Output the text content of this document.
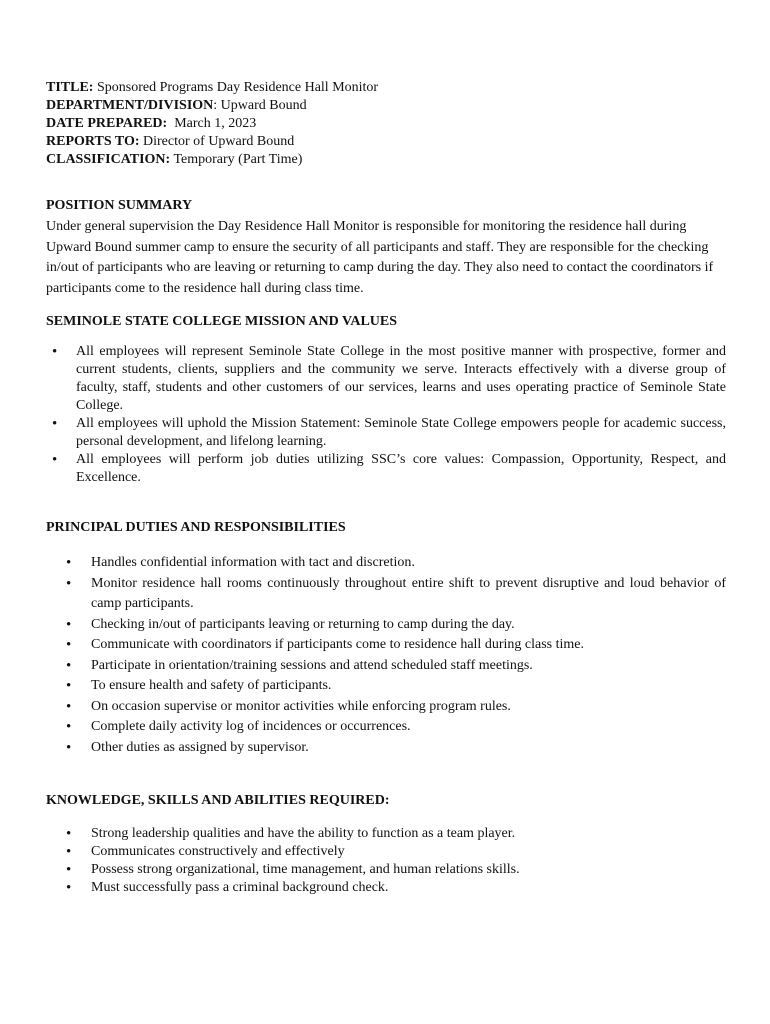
TITLE: Sponsored Programs Day Residence Hall Monitor

DEPARTMENT/DIVISION: Upward Bound

DATE PREPARED:  March 1, 2023

REPORTS TO: Director of Upward Bound

CLASSIFICATION: Temporary (Part Time)

POSITION SUMMARY

Under general supervision the Day Residence Hall Monitor is responsible for monitoring the residence hall during Upward Bound summer camp to ensure the security of all participants and staff. They are responsible for the checking in/out of participants who are leaving or returning to camp during the day. They also need to contact the coordinators if participants come to the residence hall during class time.

SEMINOLE STATE COLLEGE MISSION AND VALUES

• All employees will represent Seminole State College in the most positive manner with prospective, former and current students, clients, suppliers and the community we serve. Interacts effectively with a diverse group of faculty, staff, students and other customers of our services, learns and uses operating practice of Seminole State College.
• All employees will uphold the Mission Statement: Seminole State College empowers people for academic success, personal development, and lifelong learning.
• All employees will perform job duties utilizing SSC’s core values: Compassion, Opportunity, Respect, and Excellence.

PRINCIPAL DUTIES AND RESPONSIBILITIES

• Handles confidential information with tact and discretion.
• Monitor residence hall rooms continuously throughout entire shift to prevent disruptive and loud behavior of camp participants.
• Checking in/out of participants leaving or returning to camp during the day.
• Communicate with coordinators if participants come to residence hall during class time.
• Participate in orientation/training sessions and attend scheduled staff meetings.
• To ensure health and safety of participants.
• On occasion supervise or monitor activities while enforcing program rules.
• Complete daily activity log of incidences or occurrences.
• Other duties as assigned by supervisor.

KNOWLEDGE, SKILLS AND ABILITIES REQUIRED:

• Strong leadership qualities and have the ability to function as a team player.
• Communicates constructively and effectively
• Possess strong organizational, time management, and human relations skills.
• Must successfully pass a criminal background check.
